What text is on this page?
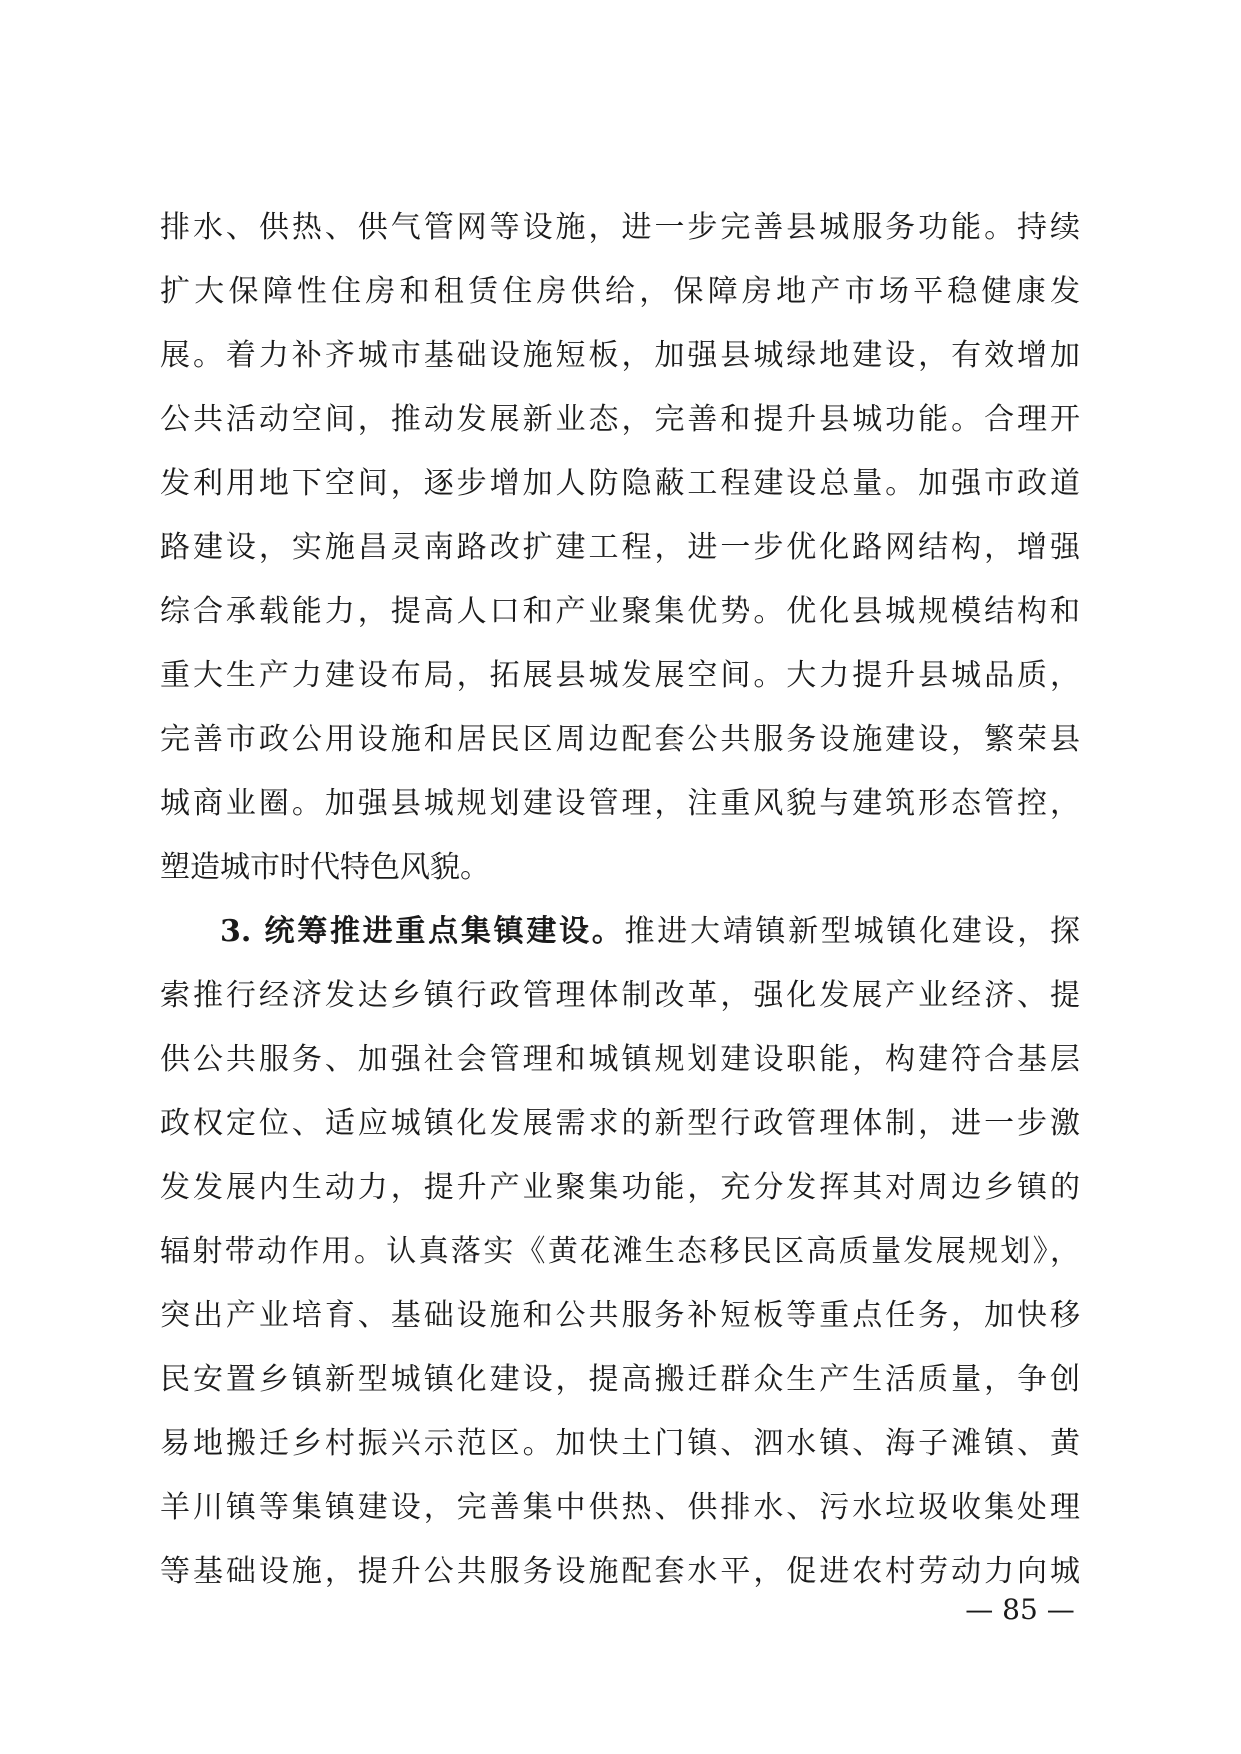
排水、供热、供气管网等设施，进一步完善县城服务功能。持续
扩大保障性住房和租赁住房供给，保障房地产市场平稳健康发
展。着力补齐城市基础设施短板，加强县城绿地建设，有效增加
公共活动空间，推动发展新业态，完善和提升县城功能。合理开
发利用地下空间，逐步增加人防隐蔽工程建设总量。加强市政道
路建设，实施昌灵南路改扩建工程，进一步优化路网结构，增强
综合承载能力，提高人口和产业聚集优势。优化县城规模结构和
重大生产力建设布局，拓展县城发展空间。大力提升县城品质，
完善市政公用设施和居民区周边配套公共服务设施建设，繁荣县
城商业圈。加强县城规划建设管理，注重风貌与建筑形态管控，
塑造城市时代特色风貌。
3. 统筹推进重点集镇建设。推进大靖镇新型城镇化建设，探
索推行经济发达乡镇行政管理体制改革，强化发展产业经济、提
供公共服务、加强社会管理和城镇规划建设职能，构建符合基层
政权定位、适应城镇化发展需求的新型行政管理体制，进一步激
发发展内生动力，提升产业聚集功能，充分发挥其对周边乡镇的
辐射带动作用。认真落实《黄花滩生态移民区高质量发展规划》，
突出产业培育、基础设施和公共服务补短板等重点任务，加快移
民安置乡镇新型城镇化建设，提高搬迁群众生产生活质量，争创
易地搬迁乡村振兴示范区。加快土门镇、泗水镇、海子滩镇、黄
羊川镇等集镇建设，完善集中供热、供排水、污水垃圾收集处理
等基础设施，提升公共服务设施配套水平，促进农村劳动力向城
— 85 —
